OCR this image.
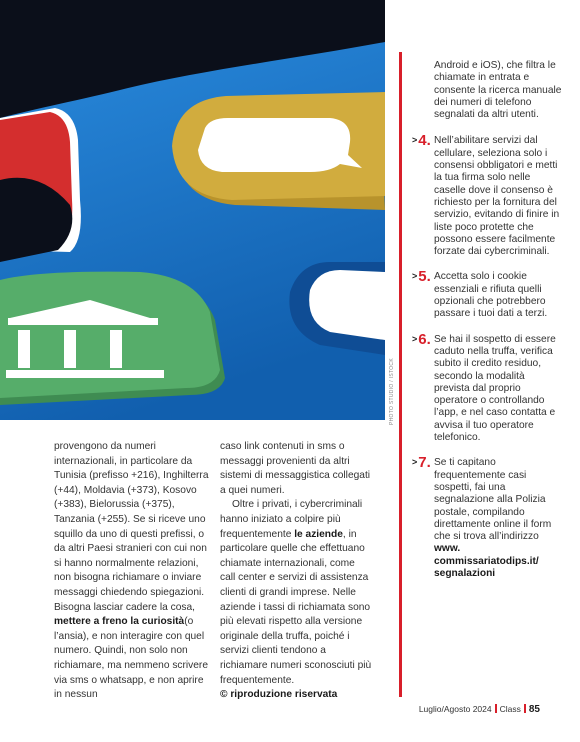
PHOTO STUDIO / ISTOCK

provengono da numeri internazionali, in particolare da Tunisia (prefisso +216), Inghilterra (+44), Moldavia (+373), Kosovo (+383), Bielorussia (+375), Tanzania (+255). Se si riceve uno squillo da uno di questi prefissi, o da altri Paesi stranieri con cui non si hanno normalmente relazioni, non bisogna richiamare o inviare messaggi chiedendo spiegazioni. Bisogna lasciar cadere la cosa, mettere a freno la curiosità(o l’ansia), e non interagire con quel numero. Quindi, non solo non richiamare, ma nemmeno scrivere via sms o whatsapp, e non aprire in nessun

caso link contenuti in sms o messaggi provenienti da altri sistemi di messaggistica collegati a quei numeri.

Oltre i privati, i cybercriminali hanno iniziato a colpire più frequentemente le aziende, in particolare quelle che effettuano chiamate internazionali, come call center e servizi di assistenza clienti di grandi imprese. Nelle aziende i tassi di richiamata sono più elevati rispetto alla versione originale della truffa, poiché i servizi clienti tendono a richiamare numeri sconosciuti più frequentemente.

© riproduzione riservata

Android e iOS), che filtra le chiamate in entrata e consente la ricerca manuale dei numeri di telefono segnalati da altri utenti.

>4. Nell’abilitare servizi dal cellulare, seleziona solo i consensi obbligatori e metti la tua firma solo nelle caselle dove il consenso è richiesto per la fornitura del servizio, evitando di finire in liste poco protette che possono essere facilmente forzate dai cybercriminali.
>5. Accetta solo i cookie essenziali e rifiuta quelli opzionali che potrebbero passare i tuoi dati a terzi.
>6. Se hai il sospetto di essere caduto nella truffa, verifica subito il credito residuo, secondo la modalità prevista dal proprio operatore o controllando l’app, e nel caso contatta e avvisa il tuo operatore telefonico.
>7. Se ti capitano frequentemente casi sospetti, fai una segnalazione alla Polizia postale, compilando direttamente online il form che si trova all’indirizzo
www. commissariatodips.it/ segnalazioni
Luglio/Agosto 2024 Class 85
